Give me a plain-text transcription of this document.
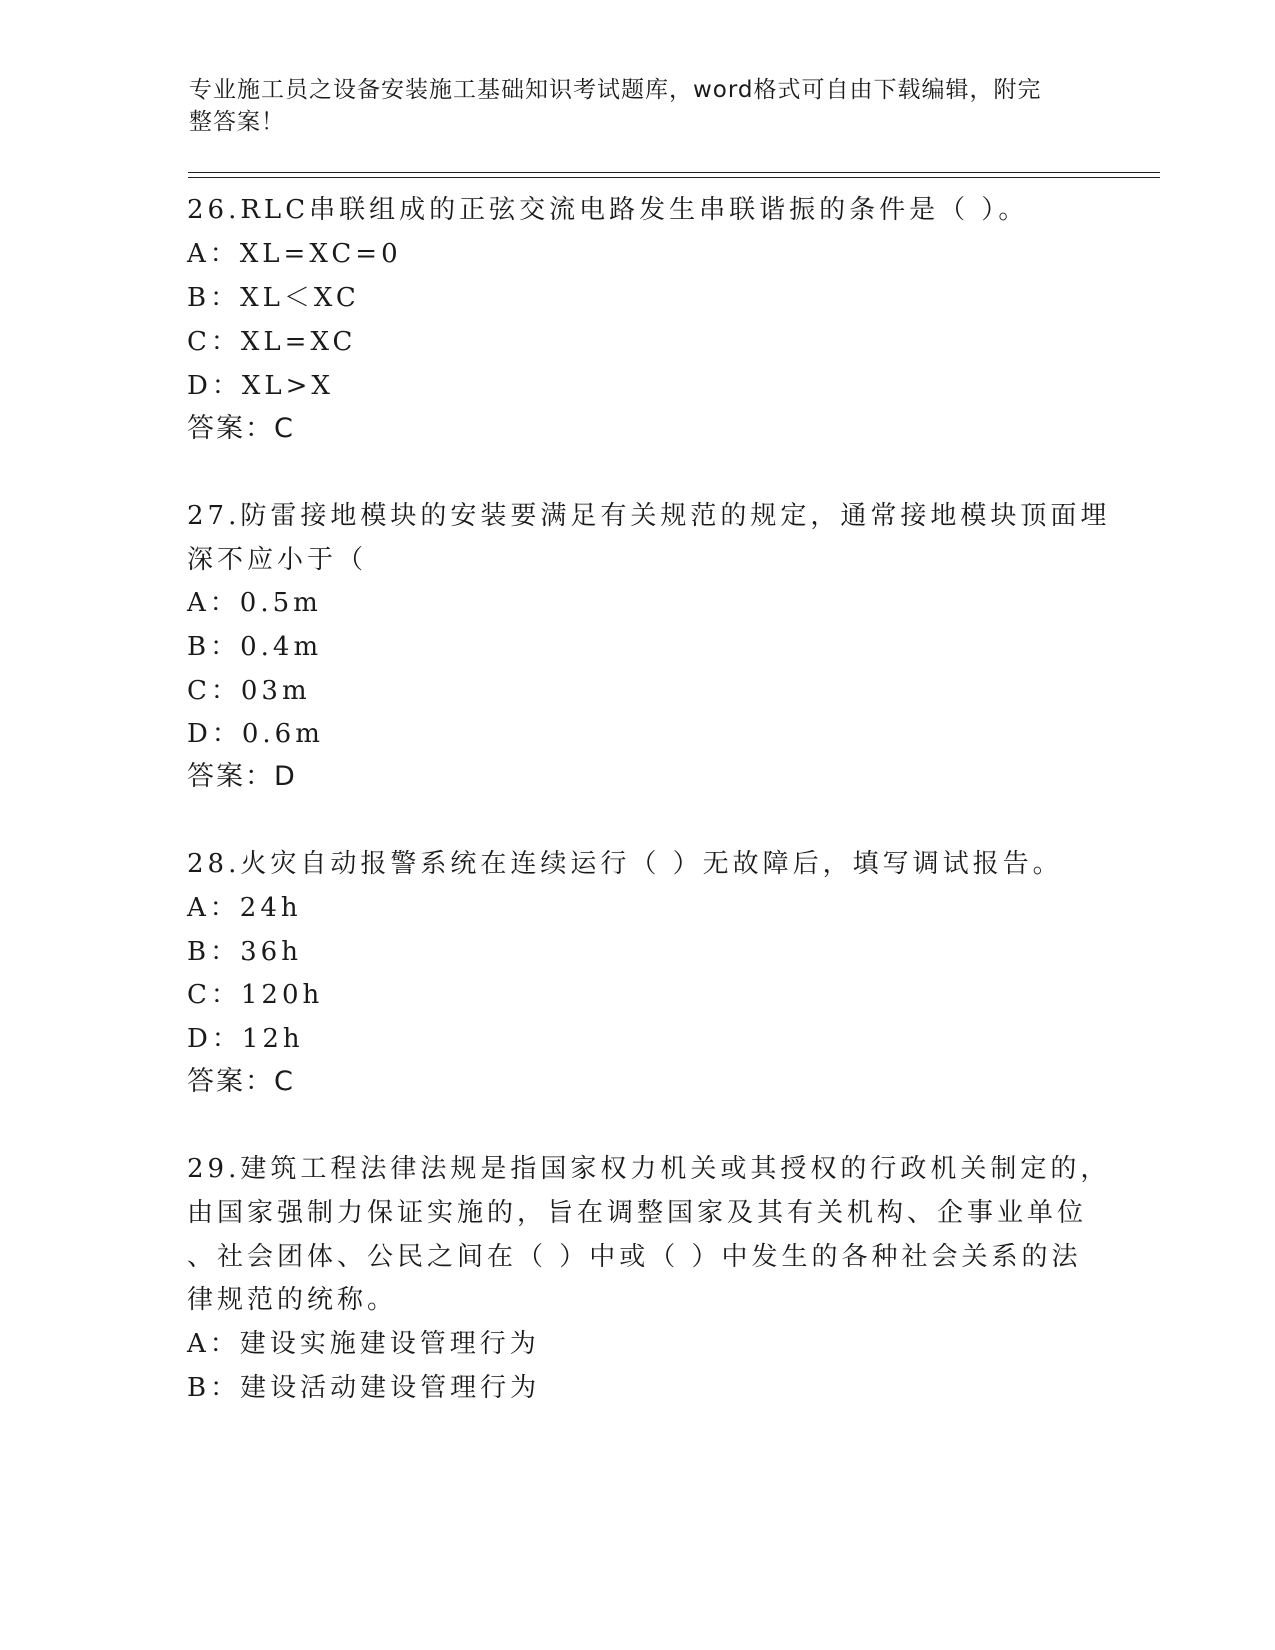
专业施工员之设备安装施工基础知识考试题库，word格式可自由下载编辑，附完
整答案！
26.RLC串联组成的正弦交流电路发生串联谐振的条件是（ ）。
A：XL=XC=0
B：XL＜XC
C：XL=XC
D：XL>X
答案：C
27.防雷接地模块的安装要满足有关规范的规定，通常接地模块顶面埋
深不应小于（
A：0.5m
B：0.4m
C：03m
D：0.6m
答案：D
28.火灾自动报警系统在连续运行（ ）无故障后，填写调试报告。
A：24h
B：36h
C：120h
D：12h
答案：C
29.建筑工程法律法规是指国家权力机关或其授权的行政机关制定的，
由国家强制力保证实施的，旨在调整国家及其有关机构、企事业单位
、社会团体、公民之间在（ ）中或（ ）中发生的各种社会关系的法
律规范的统称。
A：建设实施建设管理行为
B：建设活动建设管理行为
